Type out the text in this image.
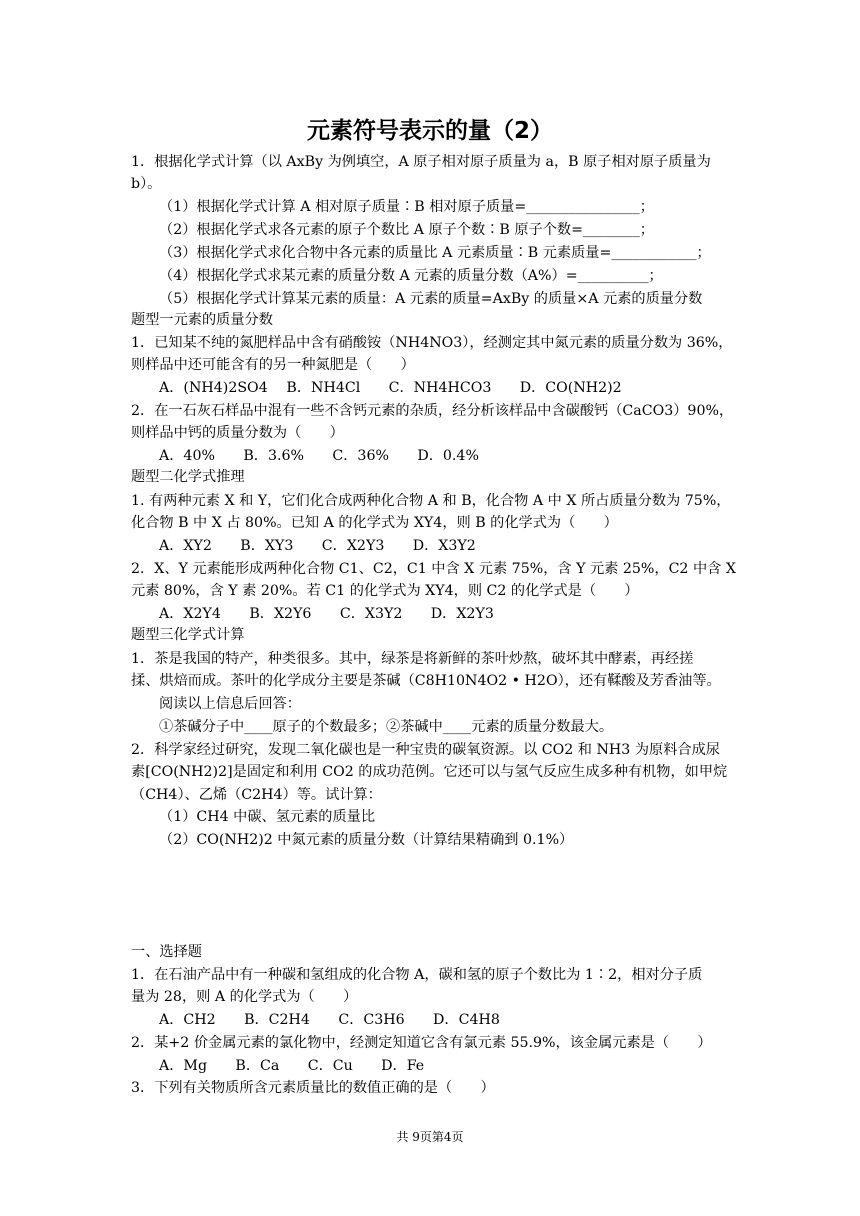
元素符号表示的量（2）
1．根据化学式计算（以 AxBy 为例填空，A 原子相对原子质量为 a，B 原子相对原子质量为
b）。
（1）根据化学式计算 A 相对原子质量∶B 相对原子质量=________________；
（2）根据化学式求各元素的原子个数比 A 原子个数∶B 原子个数=________；
（3）根据化学式求化合物中各元素的质量比 A 元素质量∶B 元素质量=____________；
（4）根据化学式求某元素的质量分数 A 元素的质量分数（A%）=__________；
（5）根据化学式计算某元素的质量：A 元素的质量=AxBy 的质量×A 元素的质量分数
题型一元素的质量分数
1．已知某不纯的氮肥样品中含有硝酸铵（NH4NO3），经测定其中氮元素的质量分数为 36%，
则样品中还可能含有的另一种氮肥是（　　）
A．(NH4)2SO4　 B．NH4Cl　　C．NH4HCO3　　D．CO(NH2)2
2．在一石灰石样品中混有一些不含钙元素的杂质，经分析该样品中含碳酸钙（CaCO3）90%，
则样品中钙的质量分数为（　　）
A．40%　　B．3.6%　　C．36%　　D．0.4%
题型二化学式推理
1. 有两种元素 X 和 Y，它们化合成两种化合物 A 和 B，化合物 A 中 X 所占质量分数为 75%，
化合物 B 中 X 占 80%。已知 A 的化学式为 XY4，则 B 的化学式为（　　）
A．XY2　　B．XY3　　C．X2Y3　　D．X3Y2
2．X、Y 元素能形成两种化合物 C1、C2，C1 中含 X 元素 75%，含 Y 元素 25%，C2 中含 X
元素 80%，含 Y 素 20%。若 C1 的化学式为 XY4，则 C2 的化学式是（　　）
A．X2Y4　　B．X2Y6　　C．X3Y2　　D．X2Y3
题型三化学式计算
1．茶是我国的特产，种类很多。其中，绿茶是将新鲜的茶叶炒熬，破坏其中酵素，再经搓
揉、烘焙而成。茶叶的化学成分主要是茶碱（C8H10N4O2 • H2O），还有鞣酸及芳香油等。
阅读以上信息后回答：
①茶碱分子中____原子的个数最多；②茶碱中____元素的质量分数最大。
2．科学家经过研究，发现二氧化碳也是一种宝贵的碳氧资源。以 CO2 和 NH3 为原料合成尿
素[CO(NH2)2]是固定和利用 CO2 的成功范例。它还可以与氢气反应生成多种有机物，如甲烷
（CH4）、乙烯（C2H4）等。试计算：
（1）CH4 中碳、氢元素的质量比
（2）CO(NH2)2 中氮元素的质量分数（计算结果精确到 0.1%）
一、选择题
1．在石油产品中有一种碳和氢组成的化合物 A，碳和氢的原子个数比为 1∶2，相对分子质
量为 28，则 A 的化学式为（　　）
A．CH2　　B．C2H4　　C．C3H6　　D．C4H8
2．某+2 价金属元素的氯化物中，经测定知道它含有氯元素 55.9%，该金属元素是（　　）
A．Mg　　B．Ca　　C．Cu　　D．Fe
3．下列有关物质所含元素质量比的数值正确的是（　　）
共 9页第4页
